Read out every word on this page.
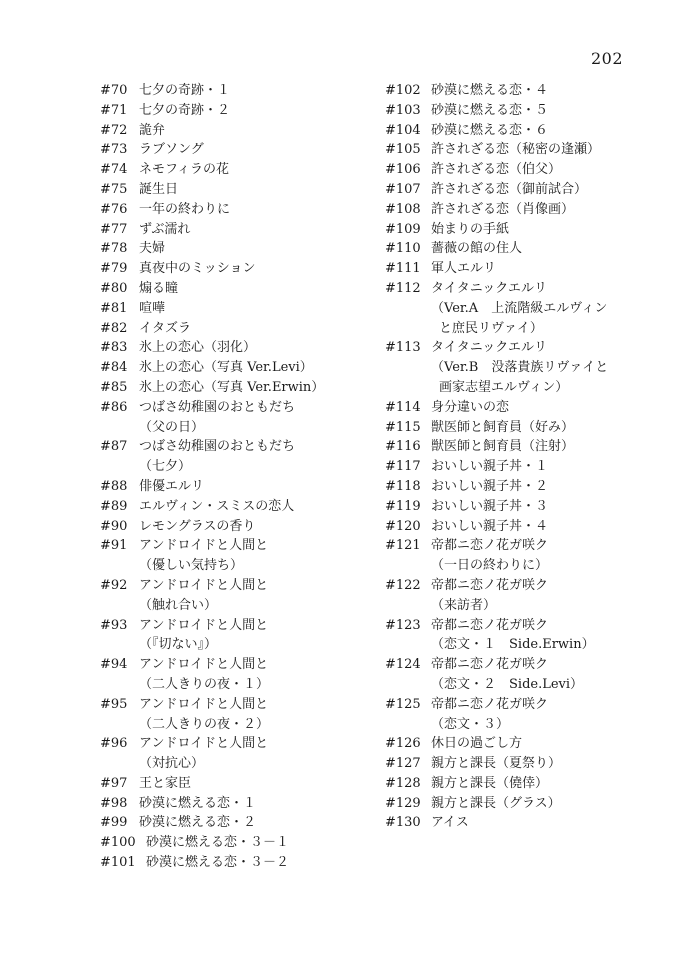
202
#70 七夕の奇跡・１
#71 七夕の奇跡・２
#72 詭弁
#73 ラブソング
#74 ネモフィラの花
#75 誕生日
#76 一年の終わりに
#77 ずぶ濡れ
#78 夫婦
#79 真夜中のミッション
#80 煽る瞳
#81 喧嘩
#82 イタズラ
#83 氷上の恋心（羽化）
#84 氷上の恋心（写真 Ver.Levi）
#85 氷上の恋心（写真 Ver.Erwin）
#86 つばさ幼稚園のおともだち
（父の日）
#87 つばさ幼稚園のおともだち
（七夕）
#88 俳優エルリ
#89 エルヴィン・スミスの恋人
#90 レモングラスの香り
#91 アンドロイドと人間と
（優しい気持ち）
#92 アンドロイドと人間と
（触れ合い）
#93 アンドロイドと人間と
（『切ない』）
#94 アンドロイドと人間と
（二人きりの夜・１）
#95 アンドロイドと人間と
（二人きりの夜・２）
#96 アンドロイドと人間と
（対抗心）
#97 王と家臣
#98 砂漠に燃える恋・１
#99 砂漠に燃える恋・２
#100 砂漠に燃える恋・３－１
#101 砂漠に燃える恋・３－２
#102 砂漠に燃える恋・４
#103 砂漠に燃える恋・５
#104 砂漠に燃える恋・６
#105 許されざる恋（秘密の逢瀬）
#106 許されざる恋（伯父）
#107 許されざる恋（御前試合）
#108 許されざる恋（肖像画）
#109 始まりの手紙
#110 薔薇の館の住人
#111 軍人エルリ
#112 タイタニックエルリ
（Ver.A　上流階級エルヴィン
と庶民リヴァイ）
#113 タイタニックエルリ
（Ver.B　没落貴族リヴァイと
画家志望エルヴィン）
#114 身分違いの恋
#115 獣医師と飼育員（好み）
#116 獣医師と飼育員（注射）
#117 おいしい親子丼・１
#118 おいしい親子丼・２
#119 おいしい親子丼・３
#120 おいしい親子丼・４
#121 帝都ニ恋ノ花ガ咲ク
（一日の終わりに）
#122 帝都ニ恋ノ花ガ咲ク
（来訪者）
#123 帝都ニ恋ノ花ガ咲ク
（恋文・１　Side.Erwin）
#124 帝都ニ恋ノ花ガ咲ク
（恋文・２　Side.Levi）
#125 帝都ニ恋ノ花ガ咲ク
（恋文・３）
#126 休日の過ごし方
#127 親方と課長（夏祭り）
#128 親方と課長（僥倖）
#129 親方と課長（グラス）
#130 アイス
